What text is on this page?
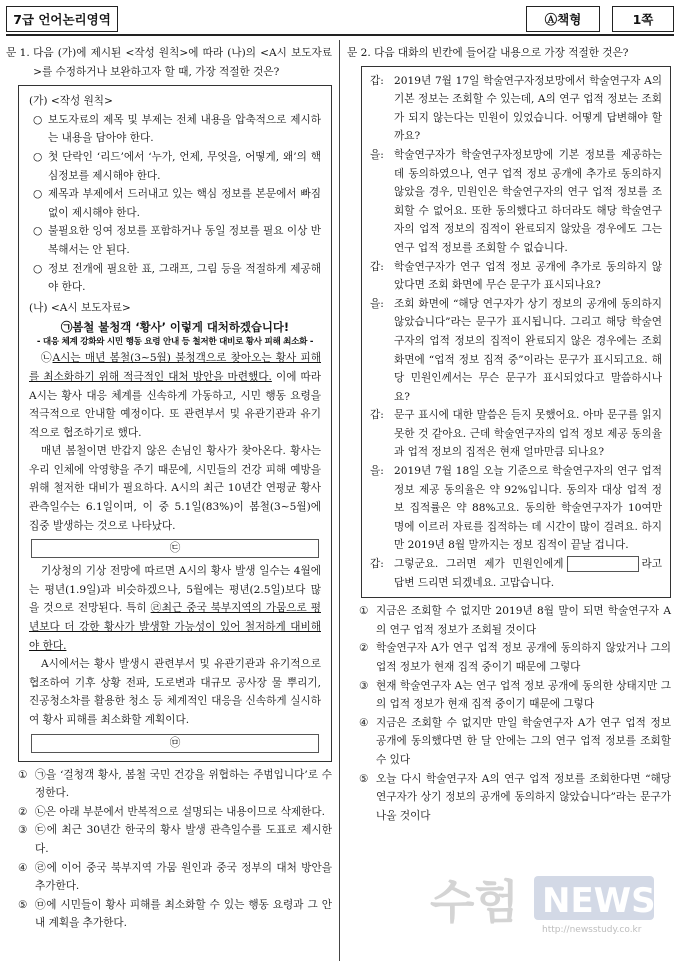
7급 언어논리영역	Ⓐ책형	1쪽
문 1.
다음 (가)에 제시된 <작성 원칙>에 따라 (나)의 <A시 보도자료>를 수정하거나 보완하고자 할 때, 가장 적절한 것은?
(가) <작성 원칙>
○ 보도자료의 제목 및 부제는 전체 내용을 압축적으로 제시하는 내용을 담아야 한다.
○ 첫 단락인 ‘리드’에서 ‘누가, 언제, 무엇을, 어떻게, 왜’의 핵심정보를 제시해야 한다.
○ 제목과 부제에서 드러내고 있는 핵심 정보를 본문에서 빠짐없이 제시해야 한다.
○ 불필요한 잉여 정보를 포함하거나 동일 정보를 필요 이상 반복해서는 안 된다.
○ 정보 전개에 필요한 표, 그래프, 그림 등을 적절하게 제공해야 한다.
(나) <A시 보도자료>
㉠봄철 불청객 ‘황사’ 이렇게 대처하겠습니다!
- 대응 체계 강화와 시민 행동 요령 안내 등 철저한 대비로 황사 피해 최소화 -
㉡A시는 매년 봄철(3∼5월) 불청객으로 찾아오는 황사 피해를 최소화하기 위해 적극적인 대처 방안을 마련했다. 이에 따라 A시는 황사 대응 체계를 신속하게 가동하고, 시민 행동 요령을 적극적으로 안내할 예정이다. 또 관련부서 및 유관기관과 유기적으로 협조하기로 했다.
매년 봄철이면 반갑지 않은 손님인 황사가 찾아온다. 황사는 우리 인체에 악영향을 주기 때문에, 시민들의 건강 피해 예방을 위해 철저한 대비가 필요하다. A시의 최근 10년간 연평균 황사 관측일수는 6.1일이며, 이 중 5.1일(83%)이 봄철(3∼5월)에 집중 발생하는 것으로 나타났다.
㉢
기상청의 기상 전망에 따르면 A시의 황사 발생 일수는 4월에는 평년(1.9일)과 비슷하겠으나, 5월에는 평년(2.5일)보다 많을 것으로 전망된다. 특히 ㉣최근 중국 북부지역의 가뭄으로 평년보다 더 강한 황사가 발생할 가능성이 있어 철저하게 대비해야 한다.
A시에서는 황사 발생시 관련부서 및 유관기관과 유기적으로 협조하여 기후 상황 전파, 도로변과 대규모 공사장 물 뿌리기, 진공청소차를 활용한 청소 등 체계적인 대응을 신속하게 실시하여 황사 피해를 최소화할 계획이다.
㉤
① ㉠을 ‘걸청객 황사, 봄철 국민 건강을 위협하는 주범입니다’로 수정한다.
② ㉡은 아래 부분에서 반복적으로 설명되는 내용이므로 삭제한다.
③ ㉢에 최근 30년간 한국의 황사 발생 관측일수를 도표로 제시한다.
④ ㉣에 이어 중국 북부지역 가뭄 원인과 중국 정부의 대처 방안을 추가한다.
⑤ ㉤에 시민들이 황사 피해를 최소화할 수 있는 행동 요령과 그 안내 계획을 추가한다.
문 2.
다음 대화의 빈칸에 들어갈 내용으로 가장 적절한 것은?
갑: 2019년 7월 17일 학술연구자정보망에서 학술연구자 A의 기본 정보는 조회할 수 있는데, A의 연구 업적 정보는 조회가 되지 않는다는 민원이 있었습니다. 어떻게 답변해야 할까요?
을: 학술연구자가 학술연구자정보망에 기본 정보를 제공하는 데 동의하였으나, 연구 업적 정보 공개에 추가로 동의하지 않았을 경우, 민원인은 학술연구자의 연구 업적 정보를 조회할 수 없어요. 또한 동의했다고 하더라도 해당 학술연구자의 업적 정보의 집적이 완료되지 않았을 경우에도 그는 연구 업적 정보를 조회할 수 없습니다.
갑: 학술연구자가 연구 업적 정보 공개에 추가로 동의하지 않았다면 조회 화면에 무슨 문구가 표시되나요?
을: 조회 화면에 “해당 연구자가 상기 정보의 공개에 동의하지 않았습니다”라는 문구가 표시됩니다. 그리고 해당 학술연구자의 업적 정보의 집적이 완료되지 않은 경우에는 조회 화면에 “업적 정보 집적 중”이라는 문구가 표시되고요. 해당 민원인께서는 무슨 문구가 표시되었다고 말씀하시나요?
갑: 문구 표시에 대한 말씀은 듣지 못했어요. 아마 문구를 읽지 못한 것 같아요. 근데 학술연구자의 업적 정보 제공 동의율과 업적 정보의 집적은 현재 얼마만큼 되나요?
을: 2019년 7월 18일 오늘 기준으로 학술연구자의 연구 업적 정보 제공 동의율은 약 92%입니다. 동의자 대상 업적 정보 집적률은 약 88%고요. 동의한 학술연구자가 10여만 명에 이르러 자료를 집적하는 데 시간이 많이 걸려요. 하지만 2019년 8월 말까지는 정보 집적이 끝날 겁니다.
갑: 그렇군요. 그러면 제가 민원인에게	라고 답변 드리면 되겠네요. 고맙습니다.
① 지금은 조회할 수 없지만 2019년 8월 말이 되면 학술연구자 A의 연구 업적 정보가 조회될 것이다
② 학술연구자 A가 연구 업적 정보 공개에 동의하지 않았거나 그의 업적 정보가 현재 집적 중이기 때문에 그렇다
③ 현재 학술연구자 A는 연구 업적 정보 공개에 동의한 상태지만 그의 업적 정보가 현재 집적 중이기 때문에 그렇다
④ 지금은 조회할 수 없지만 만일 학술연구자 A가 연구 업적 정보 공개에 동의했다면 한 달 안에는 그의 연구 업적 정보를 조회할 수 있다
⑤ 오늘 다시 학술연구자 A의 연구 업적 정보를 조회한다면 “해당 연구자가 상기 정보의 공개에 동의하지 않았습니다”라는 문구가 나올 것이다
수험 NEWS
http://newsstudy.co.kr
